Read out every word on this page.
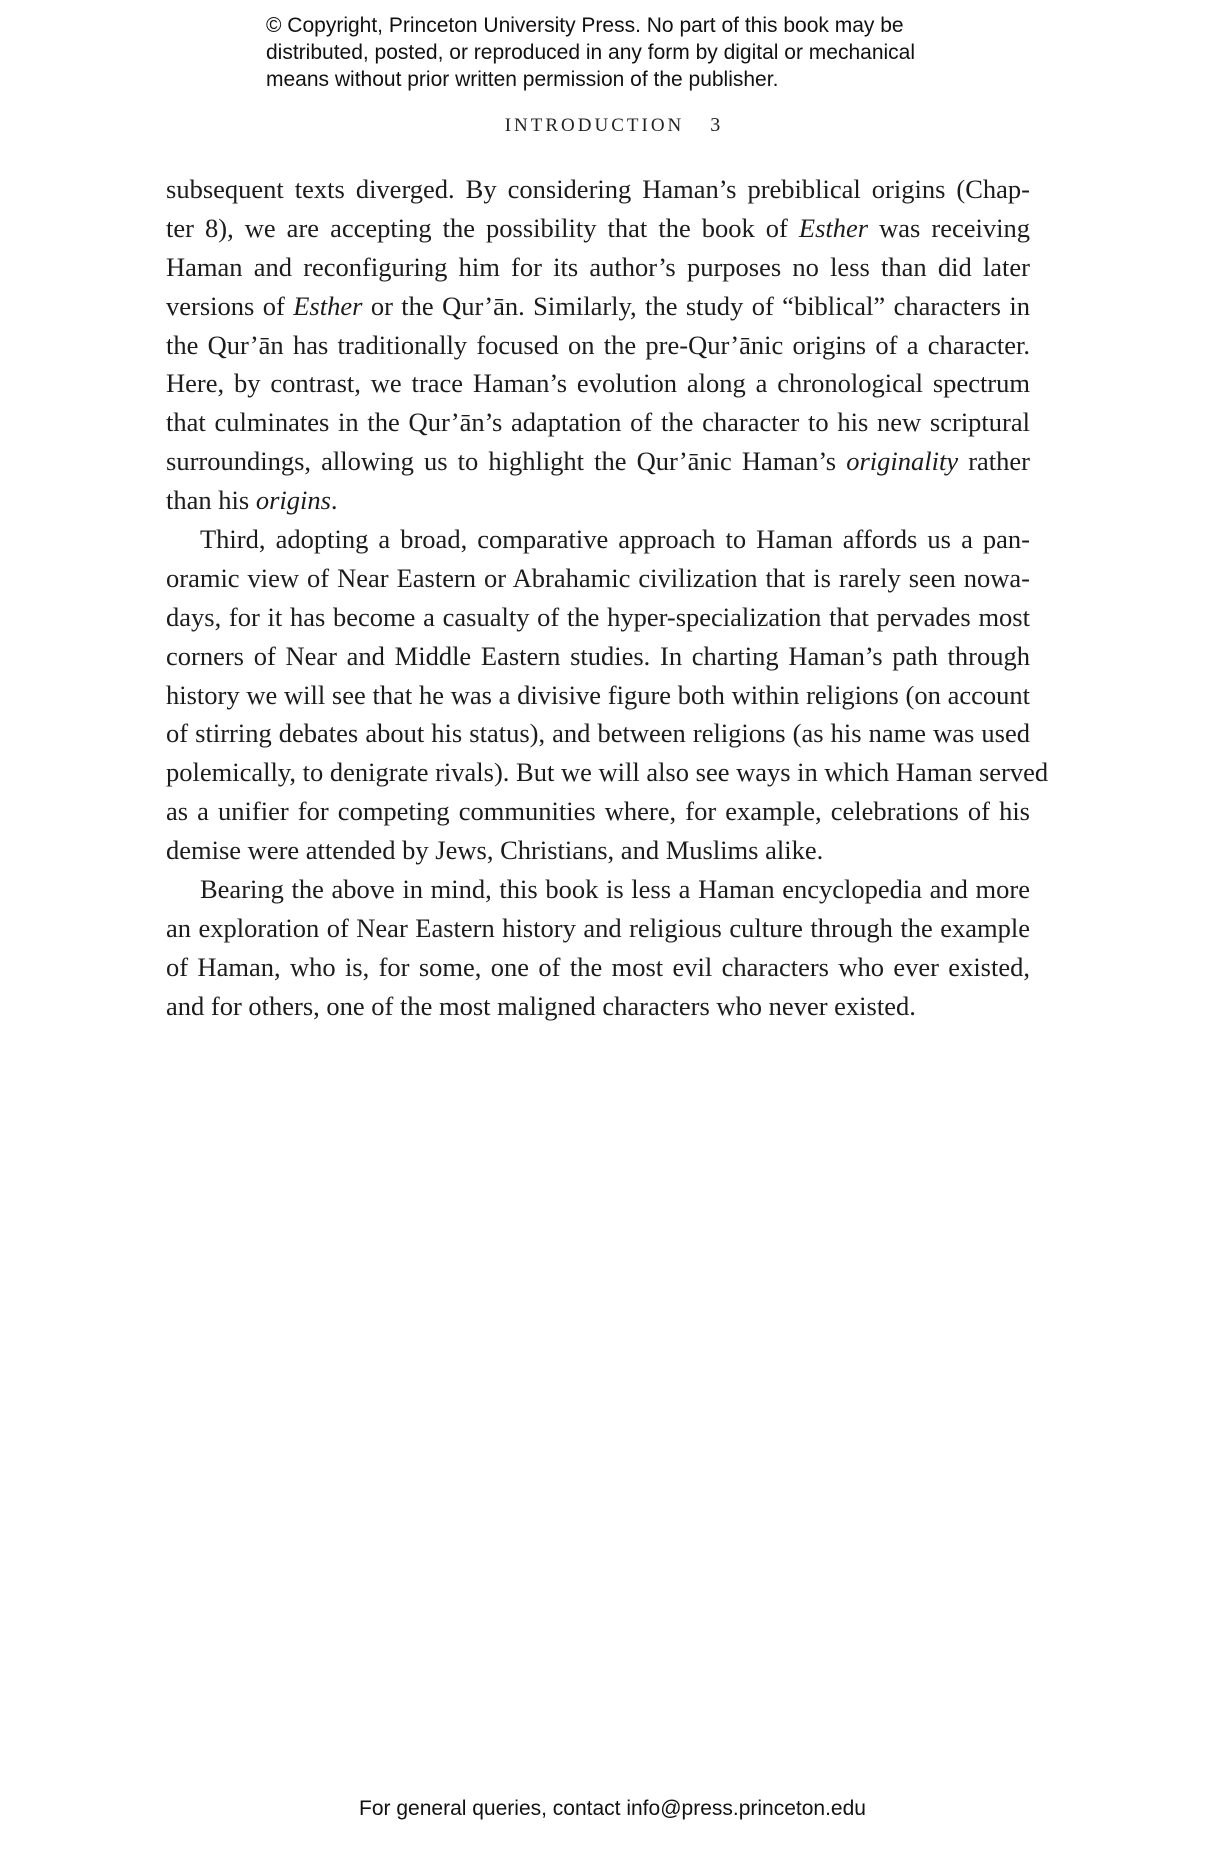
© Copyright, Princeton University Press. No part of this book may be
distributed, posted, or reproduced in any form by digital or mechanical
means without prior written permission of the publisher.
INTRODUCTION 3
subsequent texts diverged. By considering Haman’s prebiblical origins (Chap-
ter 8), we are accepting the possibility that the book of Esther was receiving
Haman and reconfiguring him for its author’s purposes no less than did later
versions of Esther or the Qur’ān. Similarly, the study of “biblical” characters in
the Qur’ān has traditionally focused on the pre-Qur’ānic origins of a character.
Here, by contrast, we trace Haman’s evolution along a chronological spectrum
that culminates in the Qur’ān’s adaptation of the character to his new scriptural
surroundings, allowing us to highlight the Qur’ānic Haman’s originality rather
than his origins.
Third, adopting a broad, comparative approach to Haman affords us a pan-
oramic view of Near Eastern or Abrahamic civilization that is rarely seen nowa-
days, for it has become a casualty of the hyper-specialization that pervades most
corners of Near and Middle Eastern studies. In charting Haman’s path through
history we will see that he was a divisive figure both within religions (on account
of stirring debates about his status), and between religions (as his name was used
polemically, to denigrate rivals). But we will also see ways in which Haman served
as a unifier for competing communities where, for example, celebrations of his
demise were attended by Jews, Christians, and Muslims alike.
Bearing the above in mind, this book is less a Haman encyclopedia and more
an exploration of Near Eastern history and religious culture through the example
of Haman, who is, for some, one of the most evil characters who ever existed,
and for others, one of the most maligned characters who never existed.
For general queries, contact info@press.princeton.edu
